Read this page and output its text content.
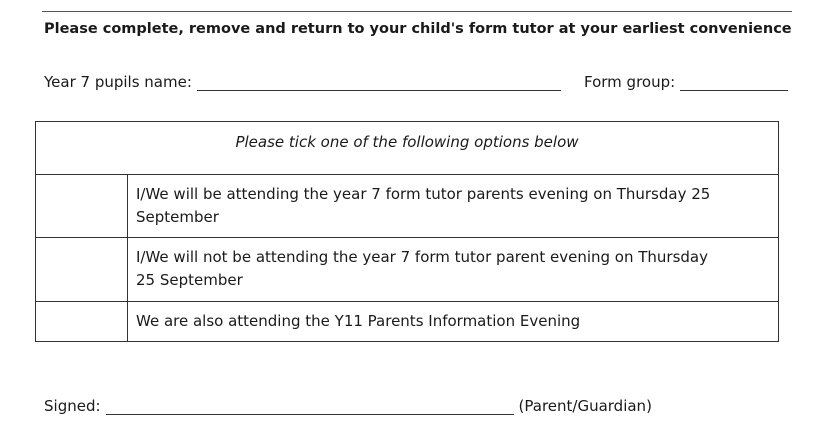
Please complete, remove and return to your child's form tutor at your earliest convenience
Year 7 pupils name:	Form group:
Please tick one of the following options below
I/We will be attending the year 7 form tutor parents evening on Thursday 25 September
I/We will not be attending the year 7 form tutor parent evening on Thursday 25 September
We are also attending the Y11 Parents Information Evening
Signed:	(Parent/Guardian)
